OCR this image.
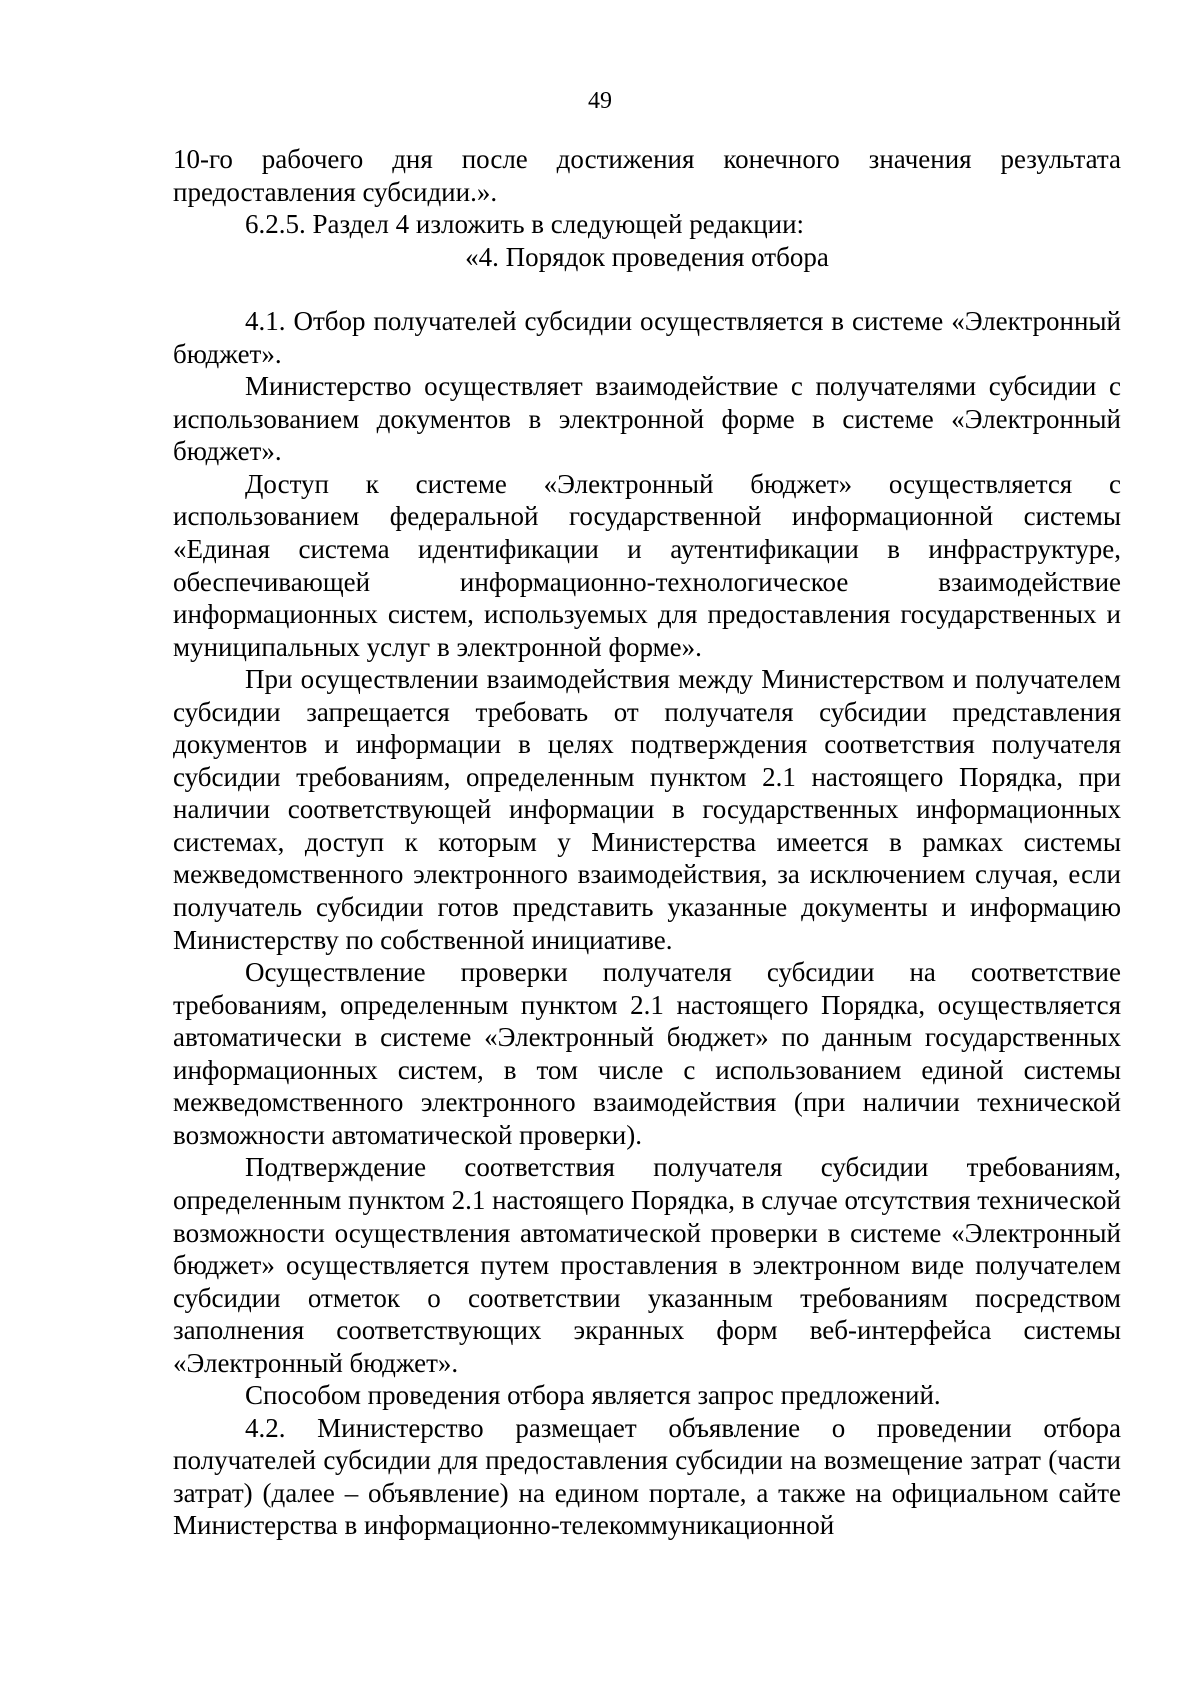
49

10-го рабочего дня после достижения конечного значения результата предоставления субсидии.».

6.2.5. Раздел 4 изложить в следующей редакции:

«4. Порядок проведения отбора

4.1. Отбор получателей субсидии осуществляется в системе «Электронный бюджет».

Министерство осуществляет взаимодействие с получателями субсидии с использованием документов в электронной форме в системе «Электронный бюджет».

Доступ к системе «Электронный бюджет» осуществляется с использованием федеральной государственной информационной системы «Единая система идентификации и аутентификации в инфраструктуре, обеспечивающей информационно-технологическое взаимодействие информационных систем, используемых для предоставления государственных и муниципальных услуг в электронной форме».

При осуществлении взаимодействия между Министерством и получателем субсидии запрещается требовать от получателя субсидии представления документов и информации в целях подтверждения соответствия получателя субсидии требованиям, определенным пунктом 2.1 настоящего Порядка, при наличии соответствующей информации в государственных информационных системах, доступ к которым у Министерства имеется в рамках системы межведомственного электронного взаимодействия, за исключением случая, если получатель субсидии готов представить указанные документы и информацию Министерству по собственной инициативе.

Осуществление проверки получателя субсидии на соответствие требованиям, определенным пунктом 2.1 настоящего Порядка, осуществляется автоматически в системе «Электронный бюджет» по данным государственных информационных систем, в том числе с использованием единой системы межведомственного электронного взаимодействия (при наличии технической возможности автоматической проверки).

Подтверждение соответствия получателя субсидии требованиям, определенным пунктом 2.1 настоящего Порядка, в случае отсутствия технической возможности осуществления автоматической проверки в системе «Электронный бюджет» осуществляется путем проставления в электронном виде получателем субсидии отметок о соответствии указанным требованиям посредством заполнения соответствующих экранных форм веб-интерфейса системы «Электронный бюджет».

Способом проведения отбора является запрос предложений.

4.2. Министерство размещает объявление о проведении отбора получателей субсидии для предоставления субсидии на возмещение затрат (части затрат) (далее – объявление) на едином портале, а также на официальном сайте Министерства в информационно-телекоммуникационной
